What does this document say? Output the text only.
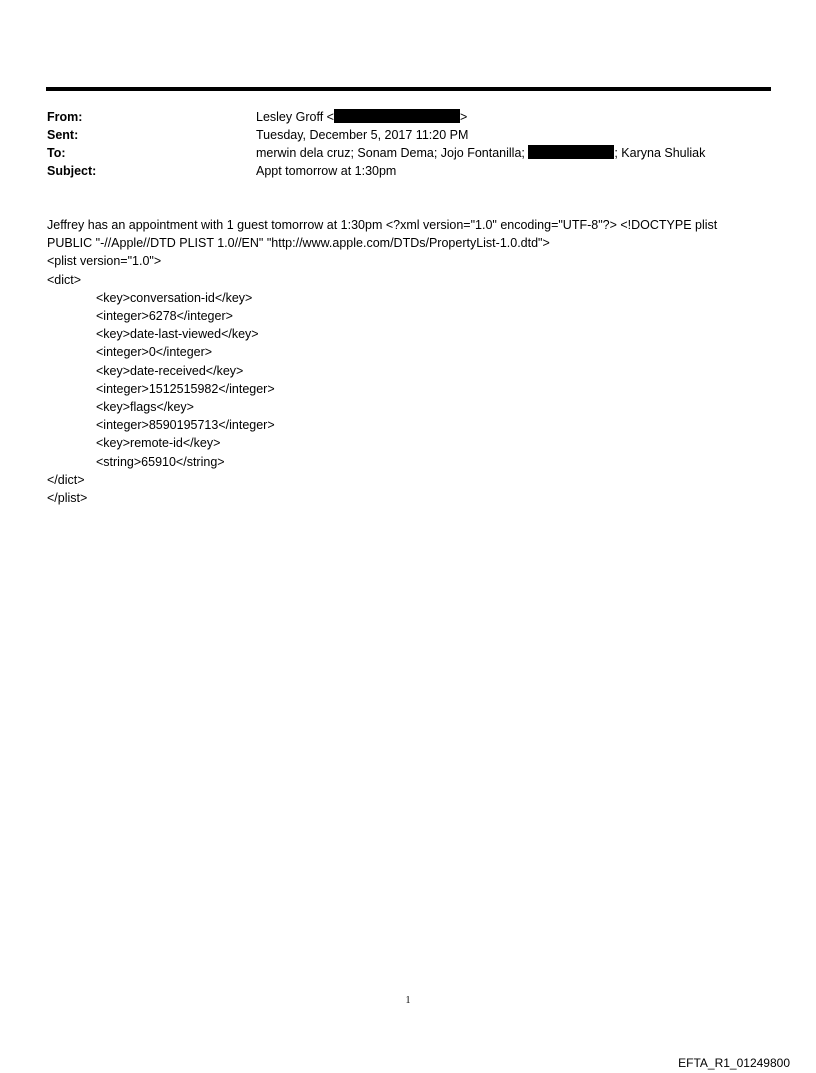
From:	Lesley Groff <	>
Sent:	Tuesday, December 5, 2017 11:20 PM
To:	merwin dela cruz; Sonam Dema; Jojo Fontanilla;	; Karyna Shuliak
Subject:	Appt tomorrow at 1:30pm
Jeffrey has an appointment with 1 guest tomorrow at 1:30pm <?xml version="1.0" encoding="UTF-8"?> <!DOCTYPE plist
PUBLIC "-//Apple//DTD PLIST 1.0//EN" "http://www.apple.com/DTDs/PropertyList-1.0.dtd">
<plist version="1.0">
<dict>
<key>conversation-id</key>
<integer>6278</integer>
<key>date-last-viewed</key>
<integer>0</integer>
<key>date-received</key>
<integer>1512515982</integer>
<key>flags</key>
<integer>8590195713</integer>
<key>remote-id</key>
<string>65910</string>
</dict>
</plist>
1
EFTA_R1_01249800
